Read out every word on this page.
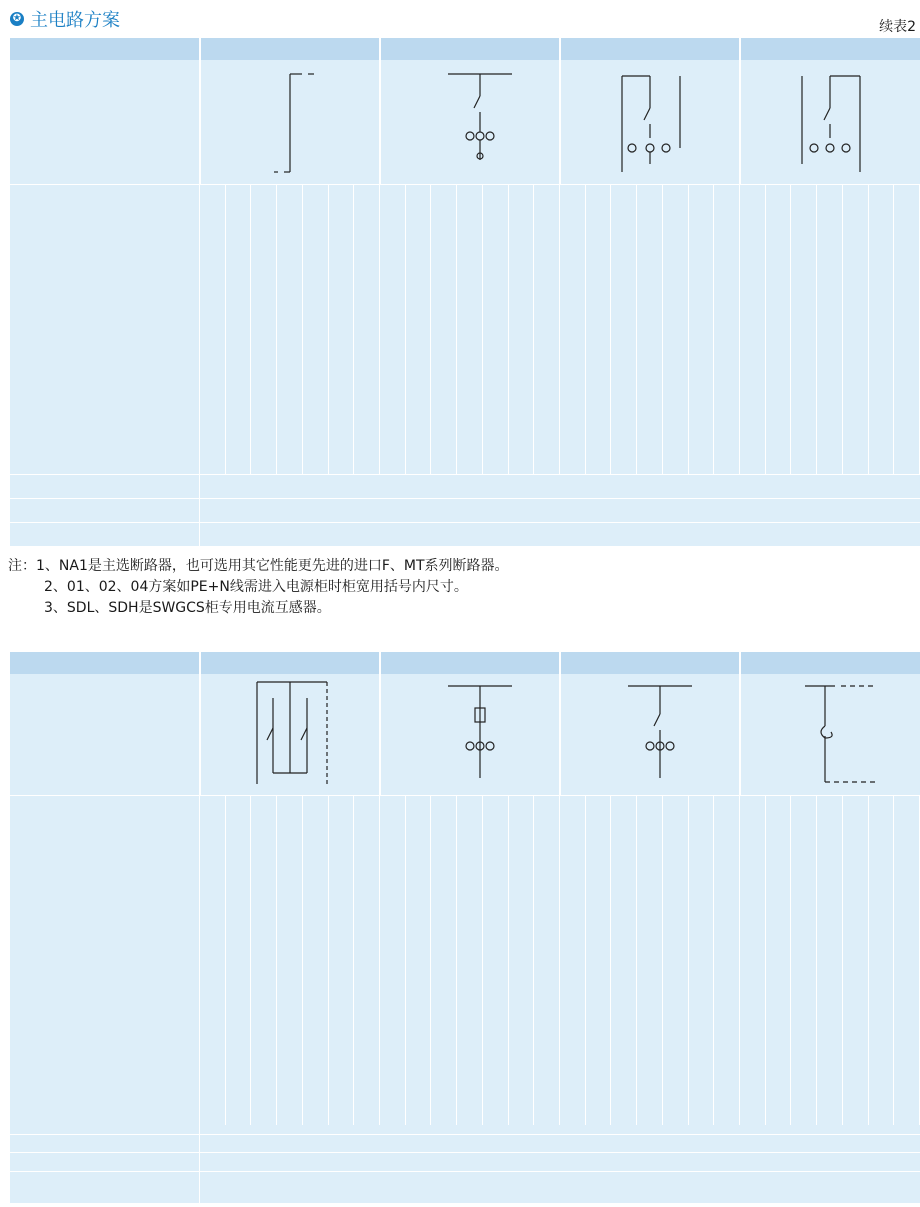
✪ 主电路方案	续表2
注：1、NA1是主选断路器，也可选用其它性能更先进的进口F、MT系列断路器。
2、01、02、04方案如PE+N线需进入电源柜时柜宽用括号内尺寸。
3、SDL、SDH是SWGCS柜专用电流互感器。
